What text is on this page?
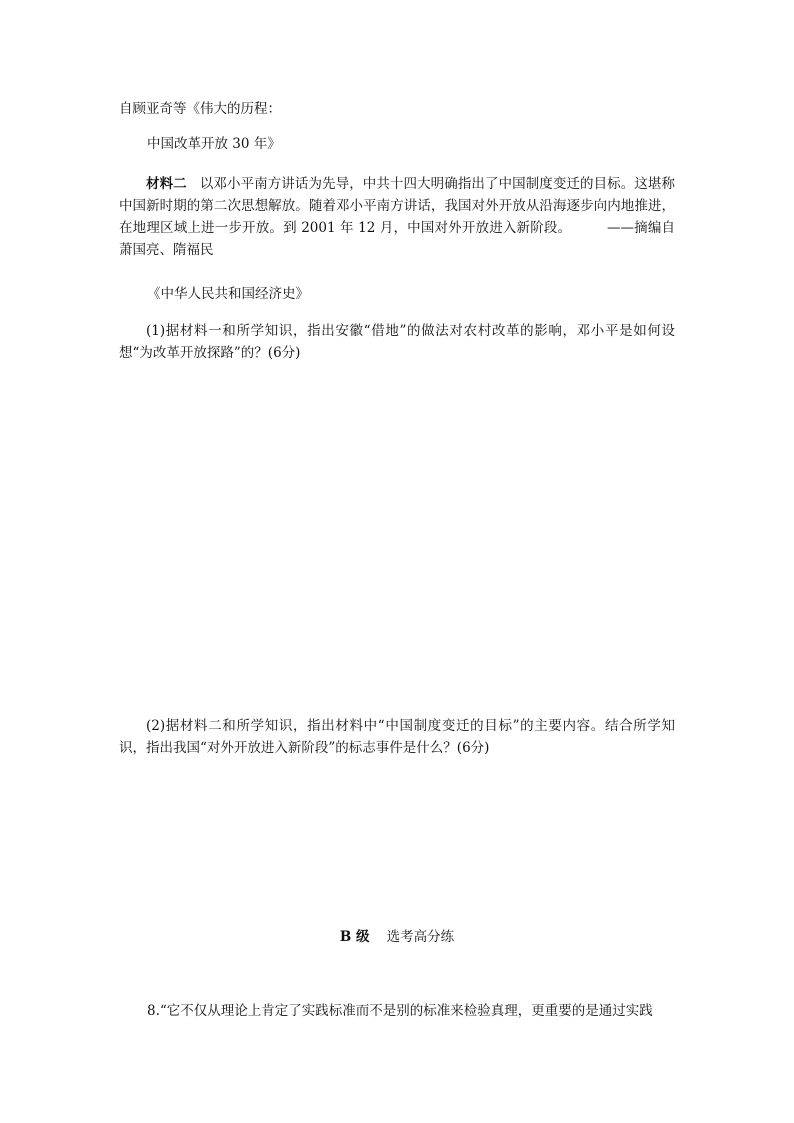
自顾亚奇等《伟大的历程：
中国改革开放 30 年》
材料二 以邓小平南方讲话为先导，中共十四大明确指出了中国制度变迁的目标。这堪称中国新时期的第二次思想解放。随着邓小平南方讲话，我国对外开放从沿海逐步向内地推进，在地理区域上进一步开放。到 2001 年 12 月，中国对外开放进入新阶段。	——摘编自萧国亮、隋福民
《中华人民共和国经济史》
(1)据材料一和所学知识，指出安徽“借地”的做法对农村改革的影响，邓小平是如何设想“为改革开放探路”的？(6分)
(2)据材料二和所学知识，指出材料中“中国制度变迁的目标”的主要内容。结合所学知识，指出我国“对外开放进入新阶段”的标志事件是什么？(6分)
B 级 选考高分练
8.“它不仅从理论上肯定了实践标准而不是别的标准来检验真理，更重要的是通过实践
